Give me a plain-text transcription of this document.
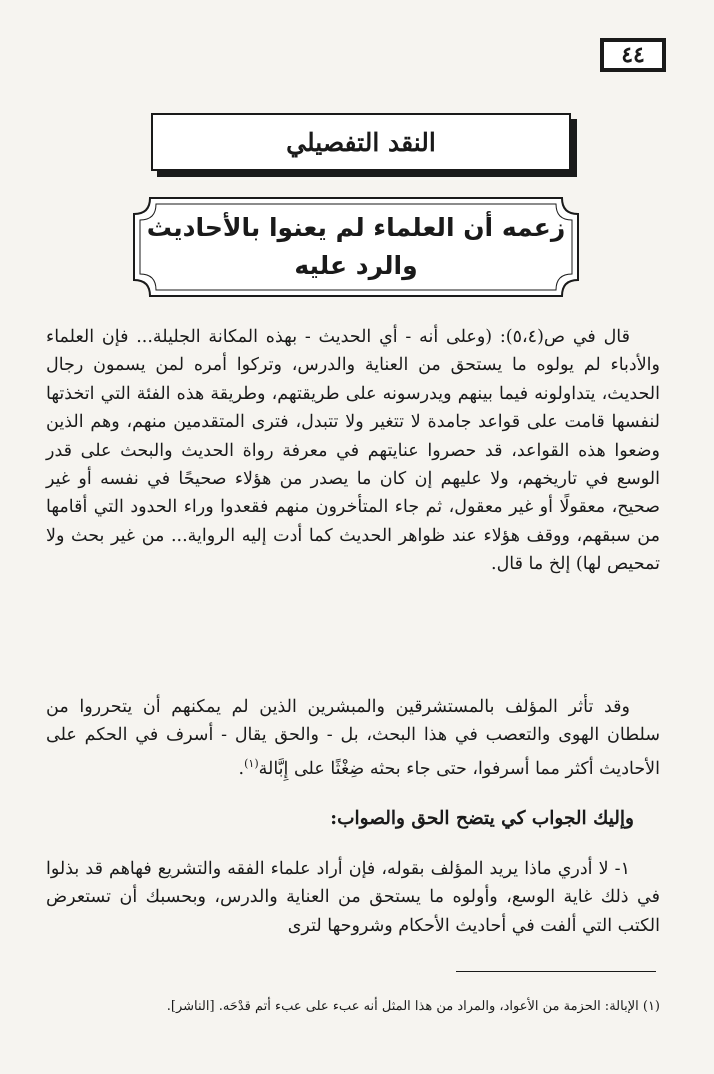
٤٤
النقد التفصيلي
زعمه أن العلماء لم يعنوا بالأحاديث
والرد عليه

قال في ص(٥،٤): (وعلى أنه - أي الحديث - بهذه المكانة الجليلة... فإن العلماء والأدباء لم يولوه ما يستحق من العناية والدرس، وتركوا أمره لمن يسمون رجال الحديث، يتداولونه فيما بينهم ويدرسونه على طريقتهم، وطريقة هذه الفئة التي اتخذتها لنفسها قامت على قواعد جامدة لا تتغير ولا تتبدل، فترى المتقدمين منهم، وهم الذين وضعوا هذه القواعد، قد حصروا عنايتهم في معرفة رواة الحديث والبحث على قدر الوسع في تاريخهم، ولا عليهم إن كان ما يصدر من هؤلاء صحيحًا في نفسه أو غير صحيح، معقولًا أو غير معقول، ثم جاء المتأخرون منهم فقعدوا وراء الحدود التي أقامها من سبقهم، ووقف هؤلاء عند ظواهر الحديث كما أدت إليه الرواية... من غير بحث ولا تمحيص لها) إلخ ما قال.

وقد تأثر المؤلف بالمستشرقين والمبشرين الذين لم يمكنهم أن يتحرروا من سلطان الهوى والتعصب في هذا البحث، بل - والحق يقال - أسرف في الحكم على الأحاديث أكثر مما أسرفوا، حتى جاء بحثه ضِغْثًا على إِبَّالة$^{(١)}$.

وإليك الجواب كي يتضح الحق والصواب:

١- لا أدري ماذا يريد المؤلف بقوله، فإن أراد علماء الفقه والتشريع فهاهم قد بذلوا في ذلك غاية الوسع، وأولوه ما يستحق من العناية والدرس، وبحسبك أن تستعرض الكتب التي ألفت في أحاديث الأحكام وشروحها لترى

(١) الإبالة: الحزمة من الأعواد، والمراد من هذا المثل أنه عبء على عبء أتم قدْحَه. [الناشر].
